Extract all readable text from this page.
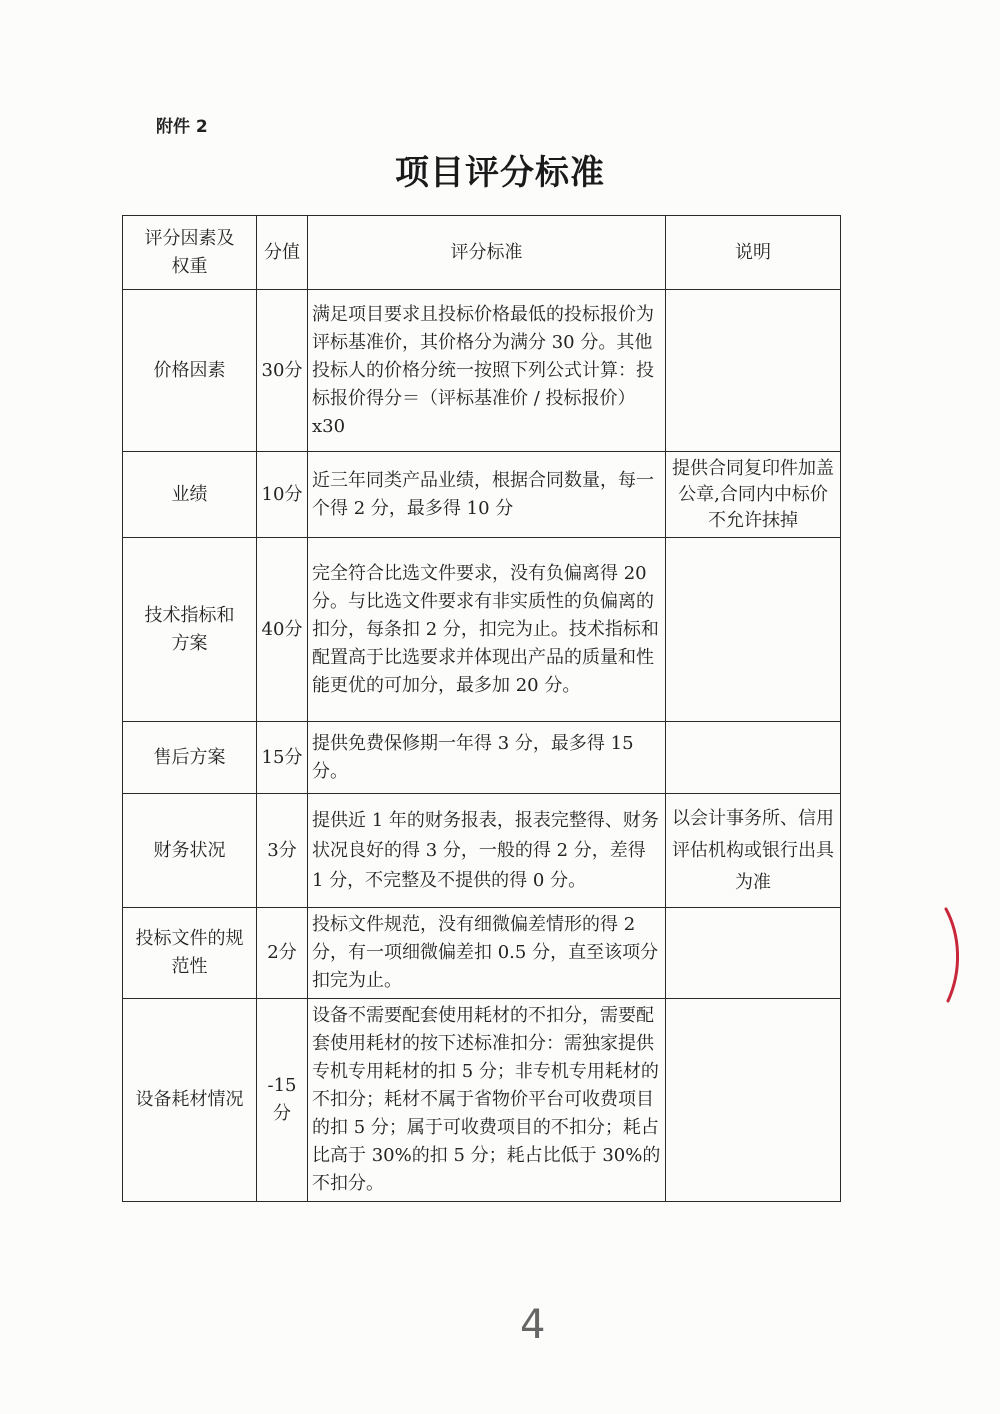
附件 2
项目评分标准
评分因素及权重	分值	评分标准	说明
价格因素	30分	满足项目要求且投标价格最低的投标报价为评标基准价，其价格分为满分 30 分。其他投标人的价格分统一按照下列公式计算：投标报价得分＝（评标基准价 / 投标报价）x30	
业绩	10分	近三年同类产品业绩，根据合同数量，每一个得 2 分，最多得 10 分	提供合同复印件加盖公章,合同内中标价不允许抹掉
技术指标和方案	40分	完全符合比选文件要求，没有负偏离得 20 分。与比选文件要求有非实质性的负偏离的扣分，每条扣 2 分，扣完为止。技术指标和配置高于比选要求并体现出产品的质量和性能更优的可加分，最多加 20 分。	
售后方案	15分	提供免费保修期一年得 3 分，最多得 15 分。	
财务状况	3分	提供近 1 年的财务报表，报表完整得、财务状况良好的得 3 分，一般的得 2 分，差得 1 分，不完整及不提供的得 0 分。	以会计事务所、信用评估机构或银行出具为准
投标文件的规范性	2分	投标文件规范，没有细微偏差情形的得 2 分，有一项细微偏差扣 0.5 分，直至该项分扣完为止。	
设备耗材情况	-15分	设备不需要配套使用耗材的不扣分，需要配套使用耗材的按下述标准扣分：需独家提供专机专用耗材的扣 5 分；非专机专用耗材的不扣分；耗材不属于省物价平台可收费项目的扣 5 分；属于可收费项目的不扣分；耗占比高于 30%的扣 5 分；耗占比低于 30%的不扣分。	
4
